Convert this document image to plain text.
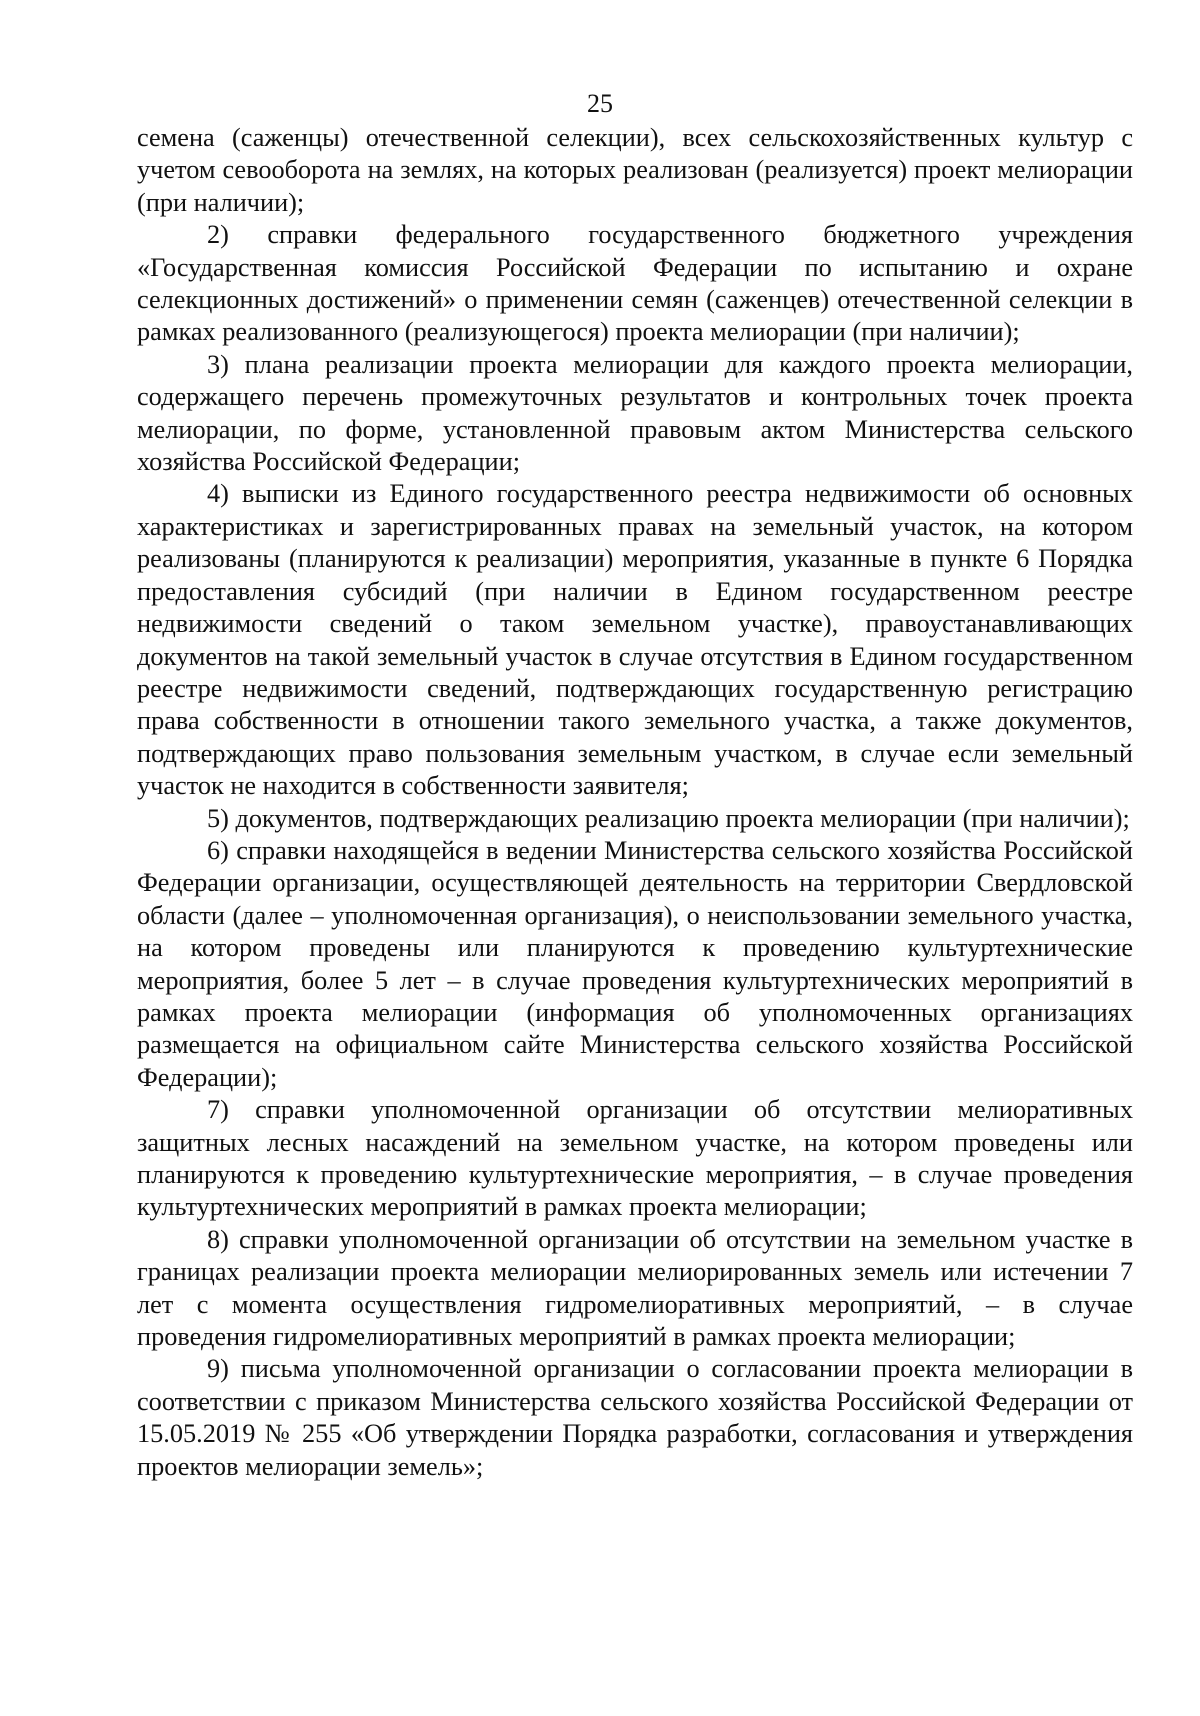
25

семена (саженцы) отечественной селекции), всех сельскохозяйственных культур с учетом севооборота на землях, на которых реализован (реализуется) проект мелиорации (при наличии);

2) справки федерального государственного бюджетного учреждения «Государственная комиссия Российской Федерации по испытанию и охране селекционных достижений» о применении семян (саженцев) отечественной селекции в рамках реализованного (реализующегося) проекта мелиорации (при наличии);

3) плана реализации проекта мелиорации для каждого проекта мелиорации, содержащего перечень промежуточных результатов и контрольных точек проекта мелиорации, по форме, установленной правовым актом Министерства сельского хозяйства Российской Федерации;

4) выписки из Единого государственного реестра недвижимости об основных характеристиках и зарегистрированных правах на земельный участок, на котором реализованы (планируются к реализации) мероприятия, указанные в пункте 6 Порядка предоставления субсидий (при наличии в Едином государственном реестре недвижимости сведений о таком земельном участке), правоустанавливающих документов на такой земельный участок в случае отсутствия в Едином государственном реестре недвижимости сведений, подтверждающих государственную регистрацию права собственности в отношении такого земельного участка, а также документов, подтверждающих право пользования земельным участком, в случае если земельный участок не находится в собственности заявителя;

5) документов, подтверждающих реализацию проекта мелиорации (при наличии);

6) справки находящейся в ведении Министерства сельского хозяйства Российской Федерации организации, осуществляющей деятельность на территории Свердловской области (далее – уполномоченная организация), о неиспользовании земельного участка, на котором проведены или планируются к проведению культуртехнические мероприятия, более 5 лет – в случае проведения культуртехнических мероприятий в рамках проекта мелиорации (информация об уполномоченных организациях размещается на официальном сайте Министерства сельского хозяйства Российской Федерации);

7) справки уполномоченной организации об отсутствии мелиоративных защитных лесных насаждений на земельном участке, на котором проведены или планируются к проведению культуртехнические мероприятия, – в случае проведения культуртехнических мероприятий в рамках проекта мелиорации;

8) справки уполномоченной организации об отсутствии на земельном участке в границах реализации проекта мелиорации мелиорированных земель или истечении 7 лет с момента осуществления гидромелиоративных мероприятий, – в случае проведения гидромелиоративных мероприятий в рамках проекта мелиорации;

9) письма уполномоченной организации о согласовании проекта мелиорации в соответствии с приказом Министерства сельского хозяйства Российской Федерации от 15.05.2019 № 255 «Об утверждении Порядка разработки, согласования и утверждения проектов мелиорации земель»;
